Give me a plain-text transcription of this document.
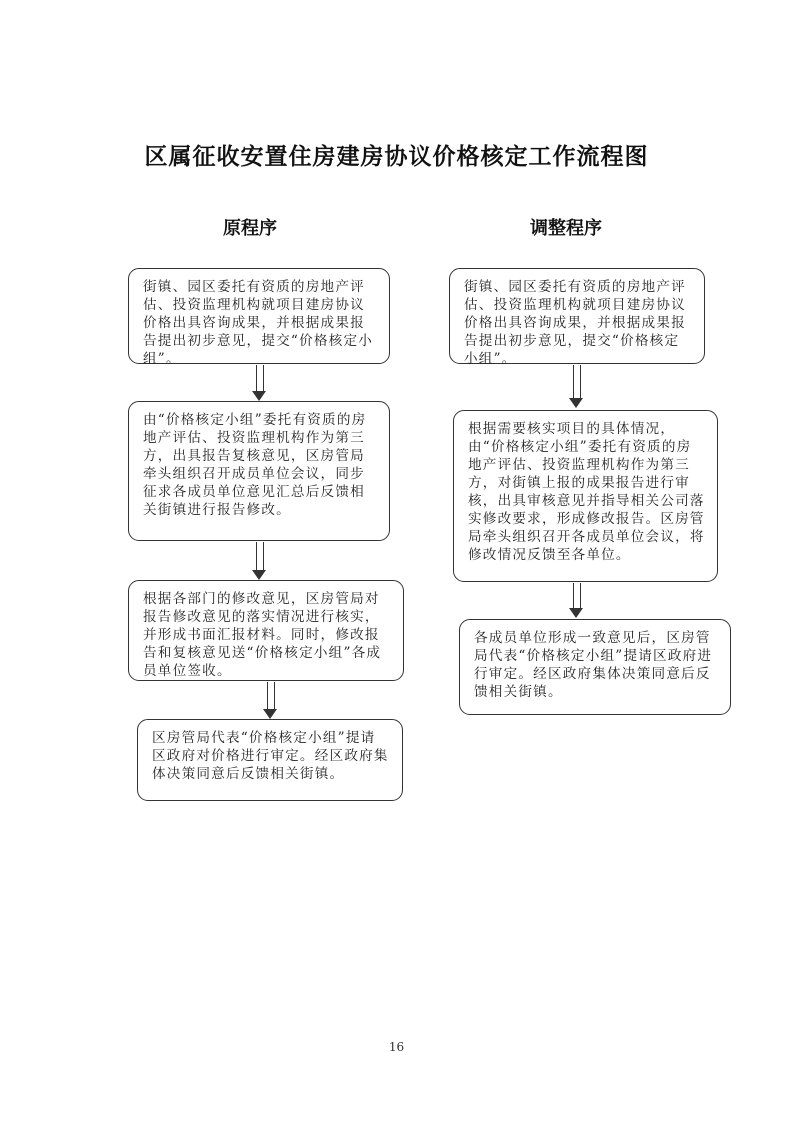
区属征收安置住房建房协议价格核定工作流程图
原程序	调整程序
街镇、园区委托有资质的房地产评估、投资监理机构就项目建房协议价格出具咨询成果，并根据成果报告提出初步意见，提交“价格核定小组”。
由“价格核定小组”委托有资质的房地产评估、投资监理机构作为第三方，出具报告复核意见，区房管局牵头组织召开成员单位会议，同步征求各成员单位意见汇总后反馈相关街镇进行报告修改。
根据各部门的修改意见，区房管局对报告修改意见的落实情况进行核实，并形成书面汇报材料。同时，修改报告和复核意见送“价格核定小组”各成员单位签收。
区房管局代表“价格核定小组”提请区政府对价格进行审定。经区政府集体决策同意后反馈相关街镇。
街镇、园区委托有资质的房地产评估、投资监理机构就项目建房协议价格出具咨询成果，并根据成果报告提出初步意见，提交“价格核定小组”。
根据需要核实项目的具体情况，由“价格核定小组”委托有资质的房地产评估、投资监理机构作为第三方，对街镇上报的成果报告进行审核，出具审核意见并指导相关公司落实修改要求，形成修改报告。区房管局牵头组织召开各成员单位会议，将修改情况反馈至各单位。
各成员单位形成一致意见后，区房管局代表“价格核定小组”提请区政府进行审定。经区政府集体决策同意后反馈相关街镇。
16
